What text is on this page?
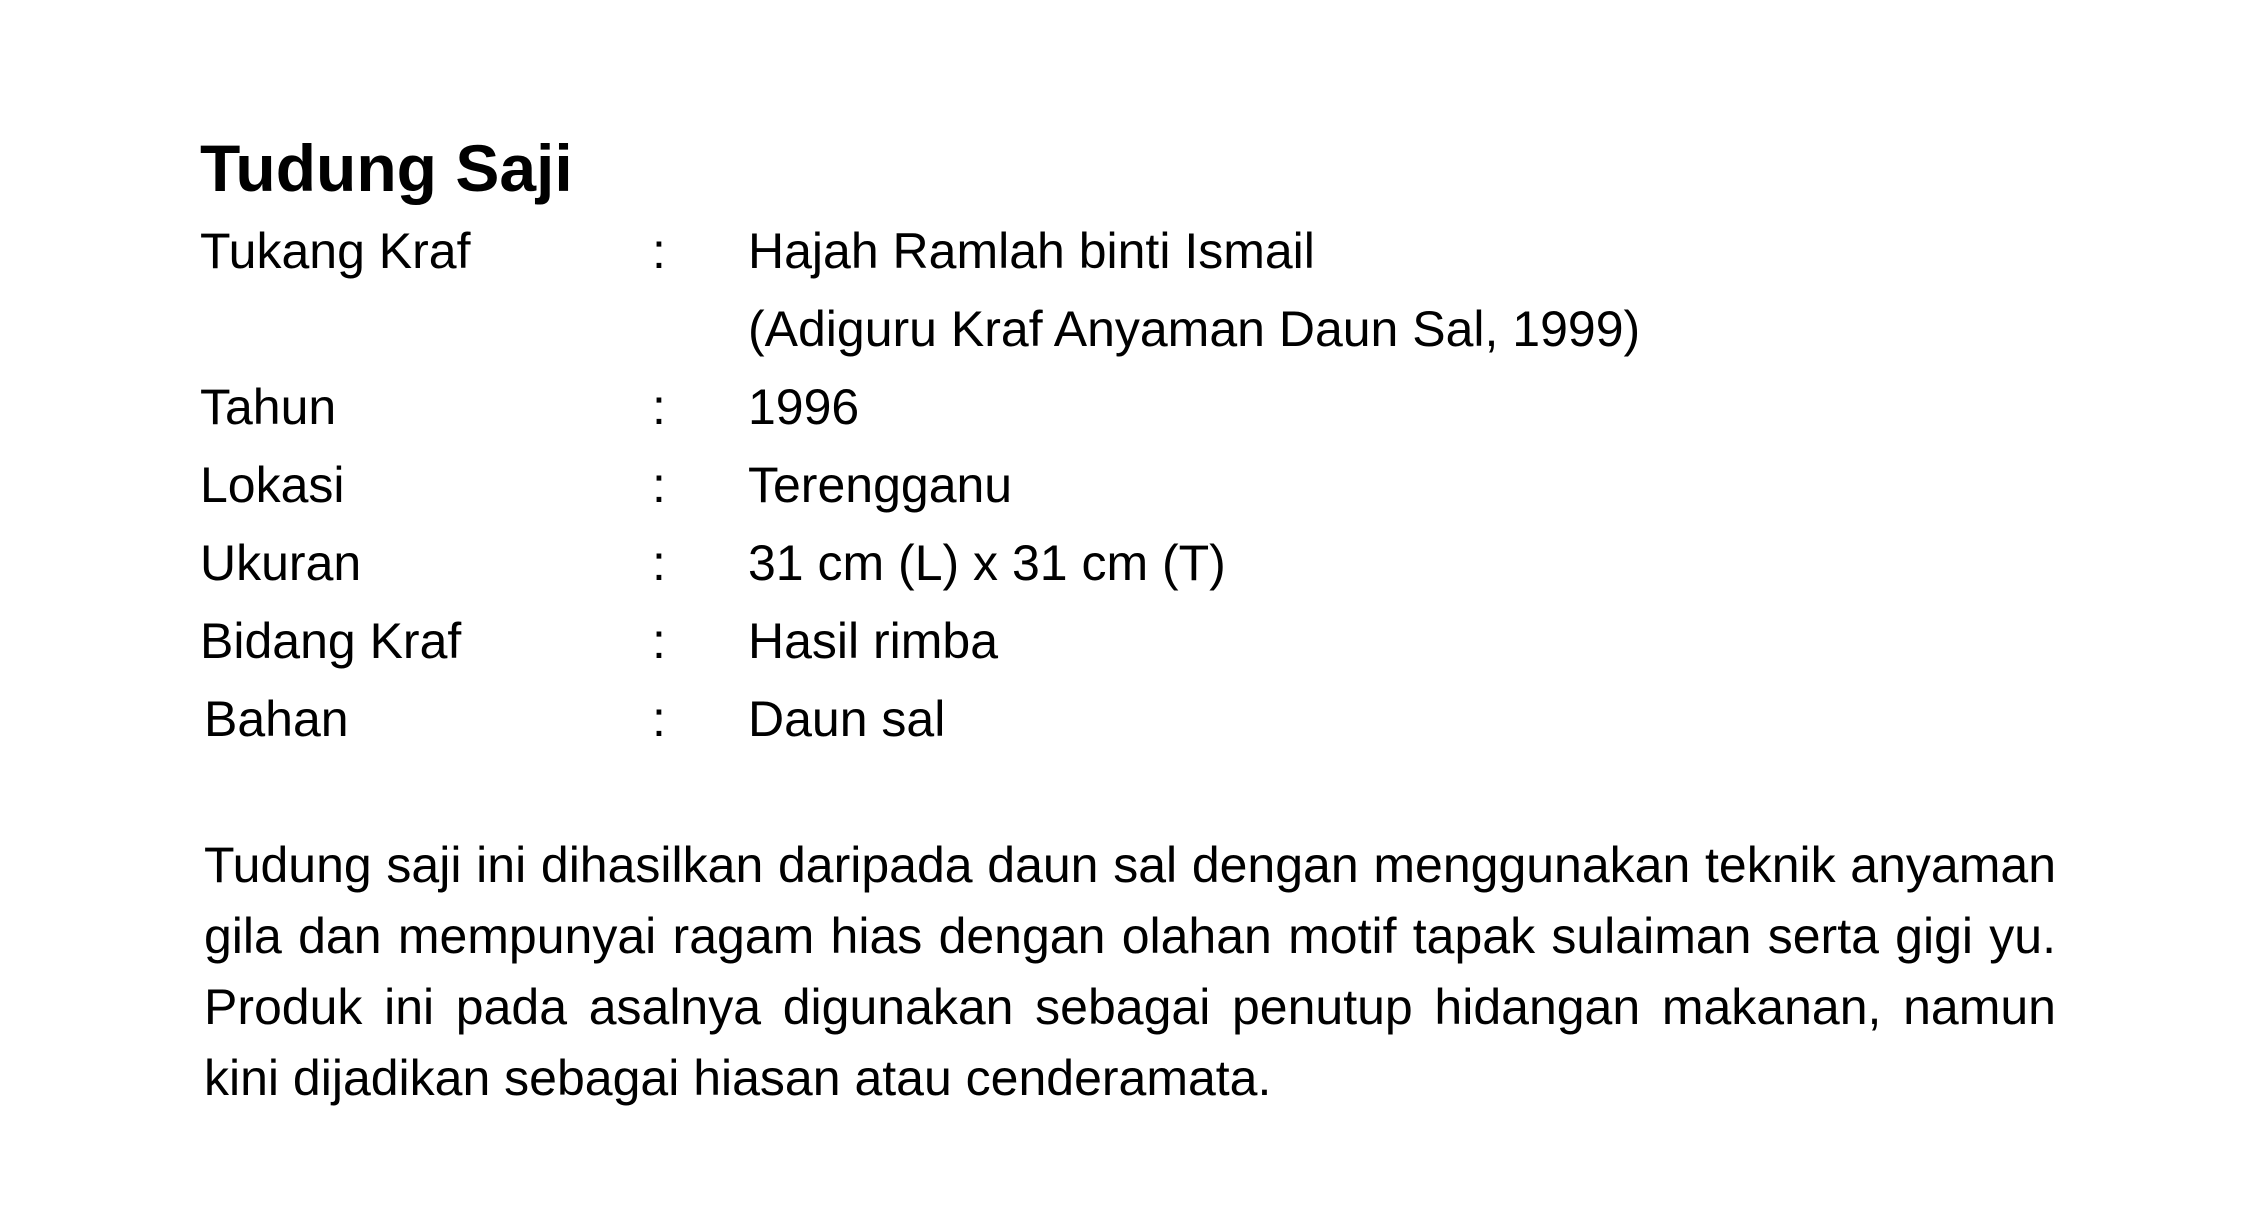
Tudung Saji
Tukang Kraf	:	Hajah Ramlah binti Ismail
(Adiguru Kraf Anyaman Daun Sal, 1999)
Tahun	:	1996
Lokasi	:	Terengganu
Ukuran	:	31 cm (L) x 31 cm (T)
Bidang Kraf	:	Hasil rimba
Bahan	:	Daun sal

Tudung saji ini dihasilkan daripada daun sal dengan menggunakan teknik anyaman gila dan mempunyai ragam hias dengan olahan motif tapak sulaiman serta gigi yu. Produk ini pada asalnya digunakan sebagai penutup hidangan makanan, namun kini dijadikan sebagai hiasan atau cenderamata.
